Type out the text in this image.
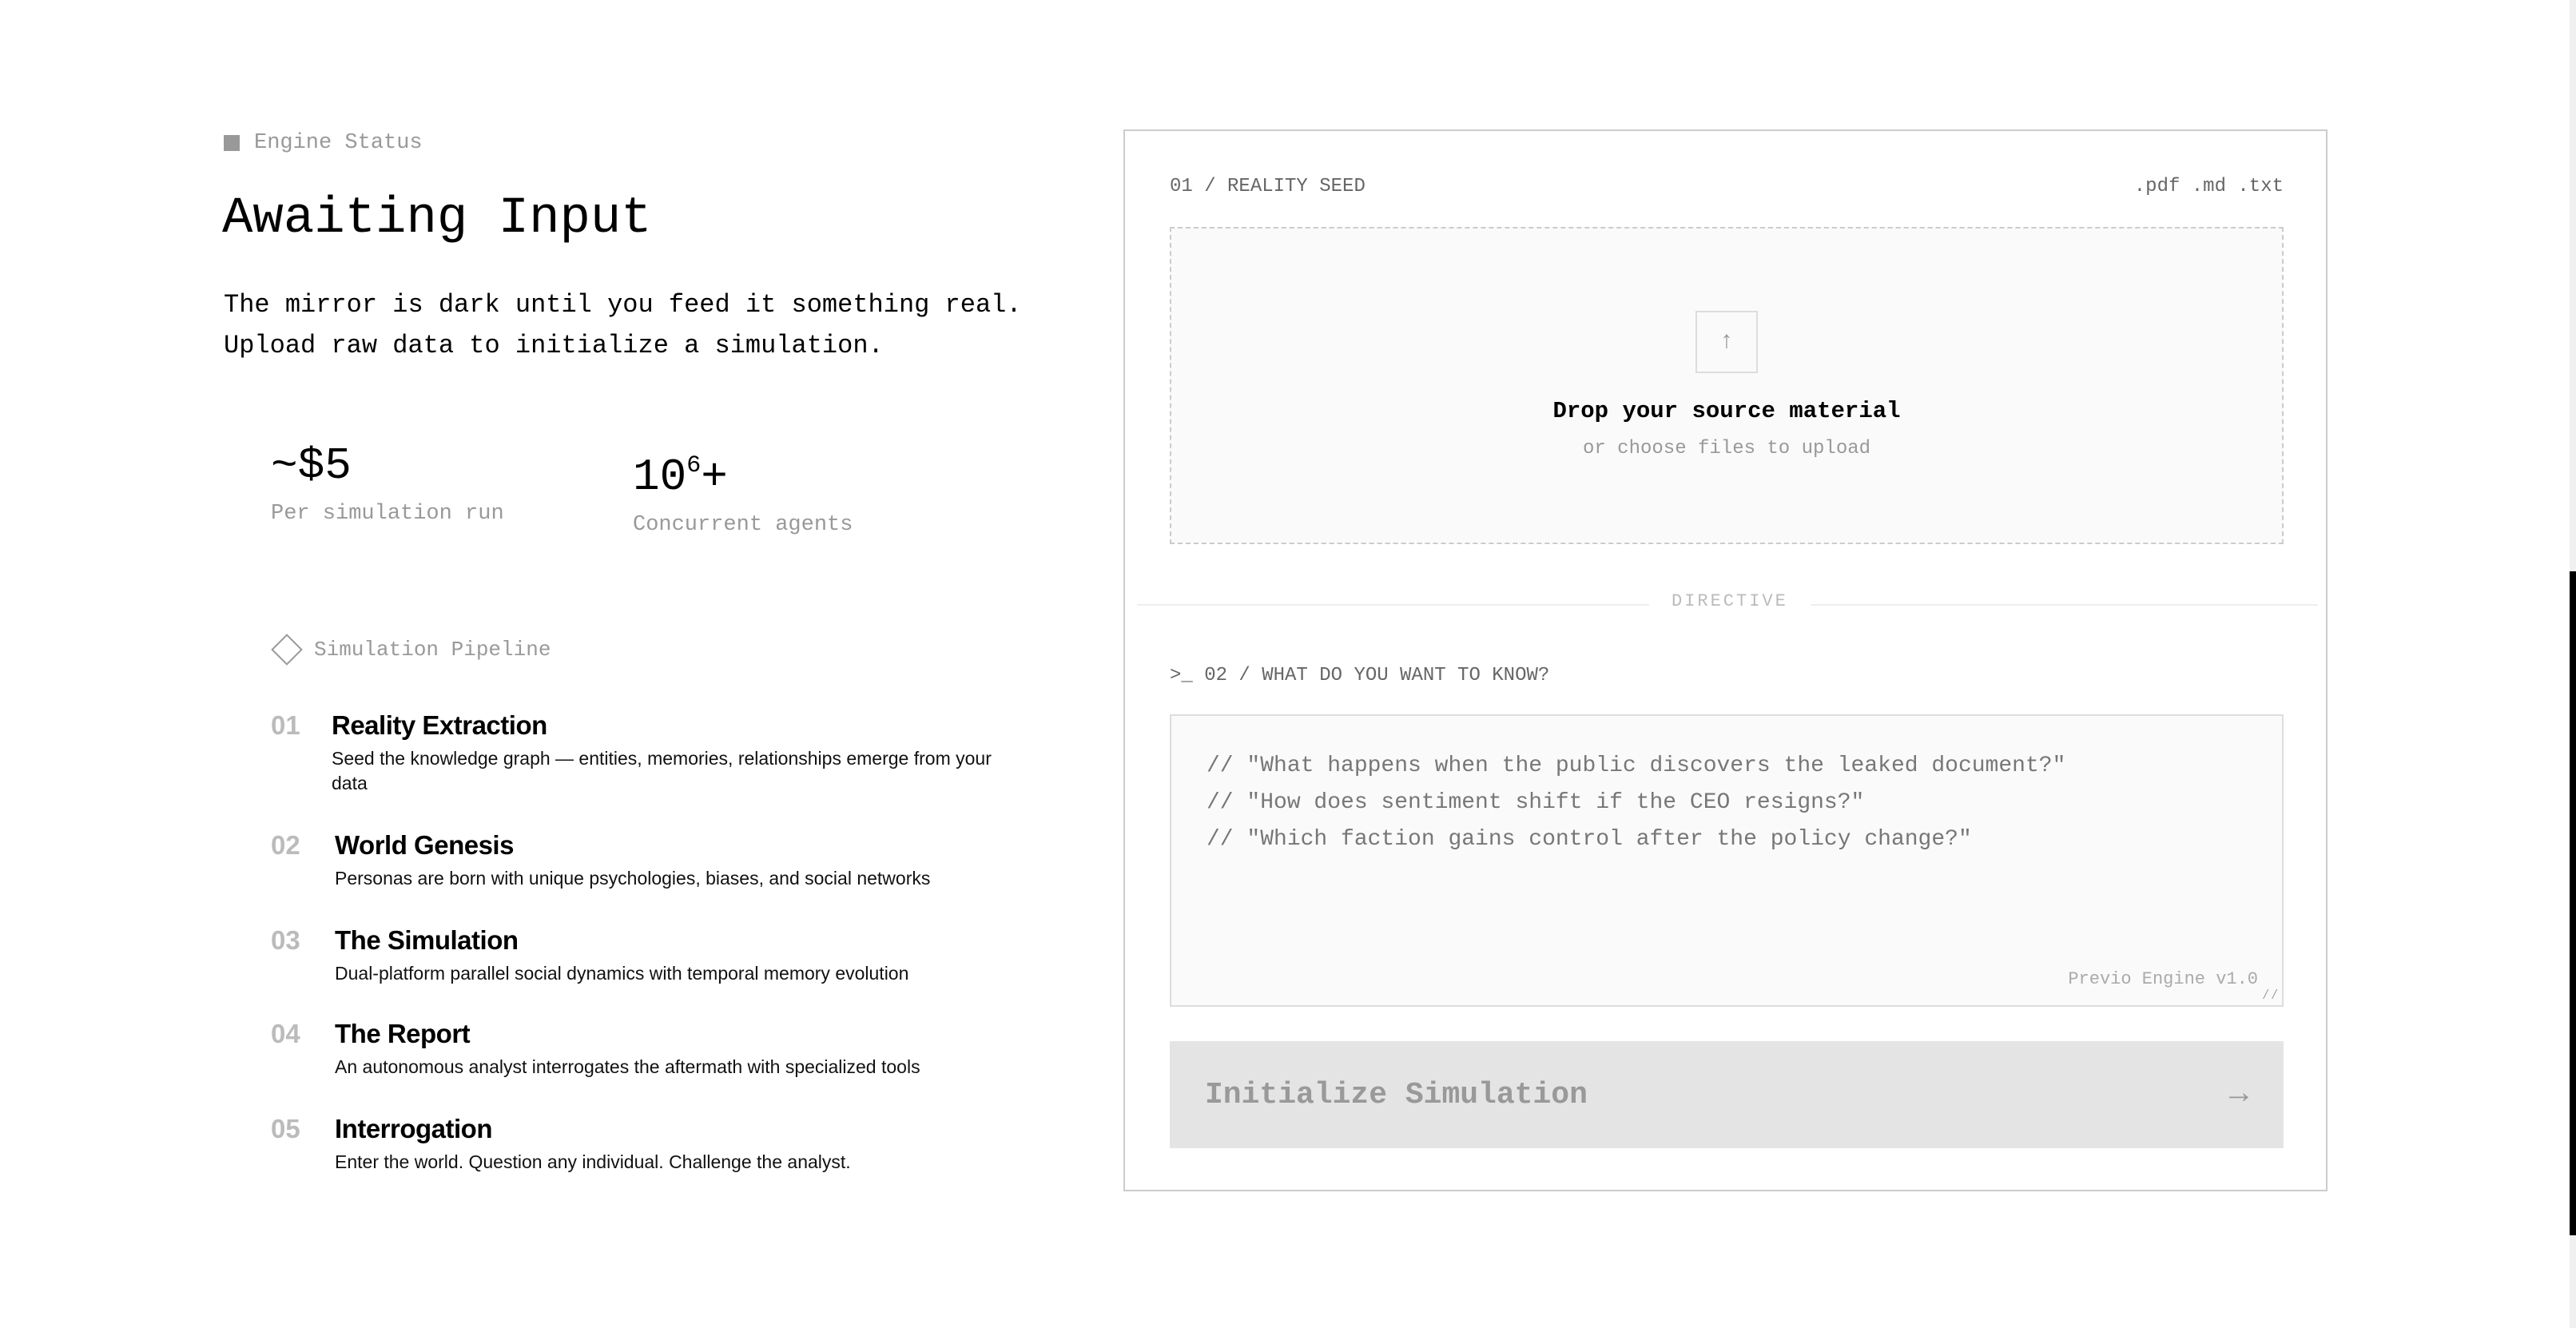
Engine Status
Awaiting Input

The mirror is dark until you feed it something real.
Upload raw data to initialize a simulation.

~$5
Per simulation run
$10^6+$
Concurrent agents
Simulation Pipeline
01	Reality Extraction
Seed the knowledge graph — entities, memories, relationships emerge from your data
02	World Genesis
Personas are born with unique psychologies, biases, and social networks
03	The Simulation
Dual-platform parallel social dynamics with temporal memory evolution
04	The Report
An autonomous analyst interrogates the aftermath with specialized tools
05	Interrogation
Enter the world. Question any individual. Challenge the analyst.
01 / REALITY SEED	.pdf .md .txt
↑
Drop your source material
or choose files to upload
DIRECTIVE
>_ 02 / WHAT DO YOU WANT TO KNOW?
// "What happens when the public discovers the leaked document?"
// "How does sentiment shift if the CEO resigns?"
// "Which faction gains control after the policy change?"
Previo Engine v1.0
⁄⁄
Initialize Simulation	→
